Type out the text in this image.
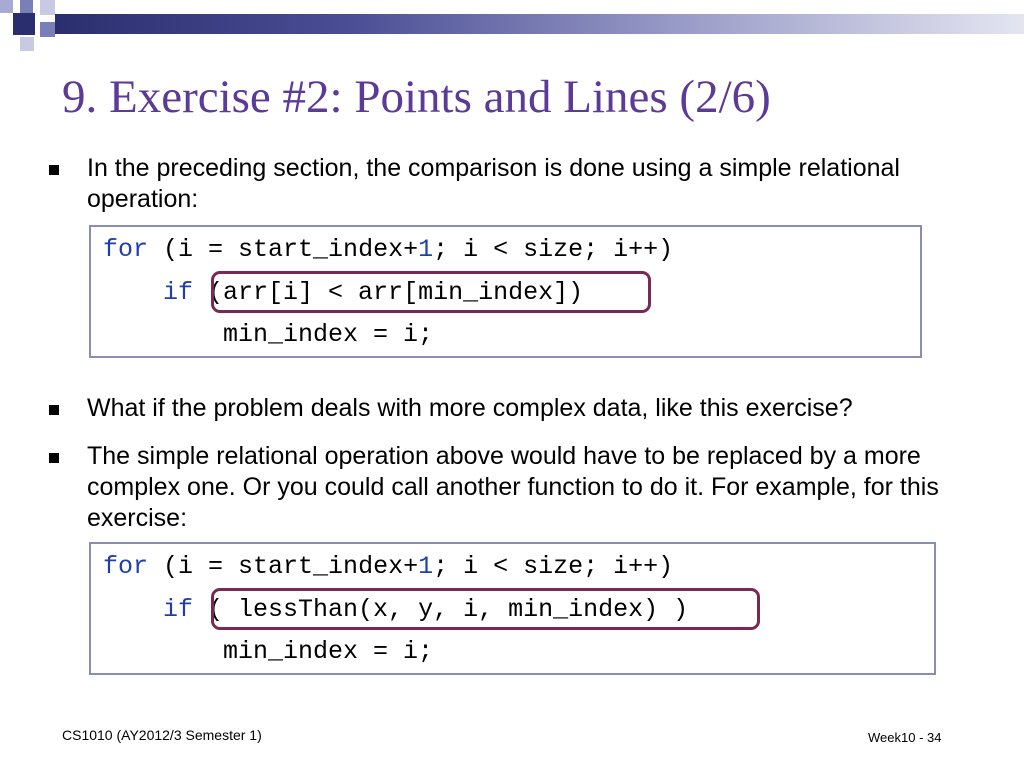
9. Exercise #2: Points and Lines (2/6)
In the preceding section, the comparison is done using a simple relational operation:
for (i = start_index+1; i < size; i++)
if (arr[i] < arr[min_index])
min_index = i;
What if the problem deals with more complex data, like this exercise?
The simple relational operation above would have to be replaced by a more complex one. Or you could call another function to do it. For example, for this exercise:
for (i = start_index+1; i < size; i++)
if ( lessThan(x, y, i, min_index) )
min_index = i;
CS1010 (AY2012/3 Semester 1)	Week10 - 34
